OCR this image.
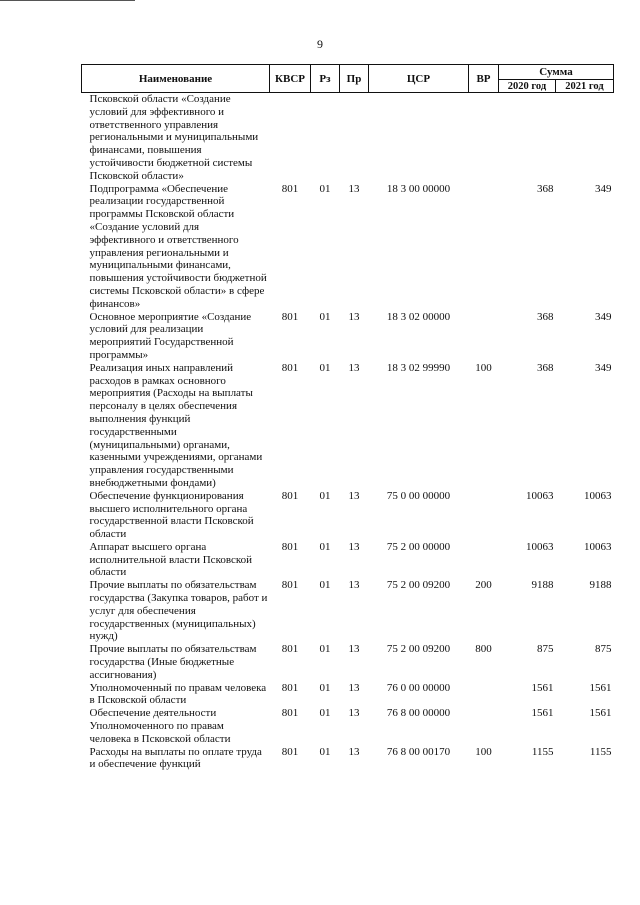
9
Наименование	КВСР	Рз	Пр	ЦСР	ВР	Сумма	
						2020 год	2021 год
Псковской области «Создание условий для эффективного и ответственного управления региональными и муниципальными финансами, повышения устойчивости бюджетной системы Псковской области»							
Подпрограмма «Обеспечение реализации государственной программы Псковской области «Создание условий для эффективного и ответственного управления региональными и муниципальными финансами, повышения устойчивости бюджетной системы Псковской области» в сфере финансов»	801	01	13	18 3 00 00000		368	349
Основное мероприятие «Создание условий для реализации мероприятий Государственной программы»	801	01	13	18 3 02 00000		368	349
Реализация иных направлений расходов в рамках основного мероприятия (Расходы на выплаты персоналу в целях обеспечения выполнения функций государственными (муниципальными) органами, казенными учреждениями, органами управления государственными внебюджетными фондами)	801	01	13	18 3 02 99990	100	368	349
Обеспечение функционирования высшего исполнительного органа государственной власти Псковской области	801	01	13	75 0 00 00000		10063	10063
Аппарат высшего органа исполнительной власти Псковской области	801	01	13	75 2 00 00000		10063	10063
Прочие выплаты по обязательствам государства (Закупка товаров, работ и услуг для обеспечения государственных (муниципальных) нужд)	801	01	13	75 2 00 09200	200	9188	9188
Прочие выплаты по обязательствам государства (Иные бюджетные ассигнования)	801	01	13	75 2 00 09200	800	875	875
Уполномоченный по правам человека в Псковской области	801	01	13	76 0 00 00000		1561	1561
Обеспечение деятельности Уполномоченного по правам человека в Псковской области	801	01	13	76 8 00 00000		1561	1561
Расходы на выплаты по оплате труда и обеспечение функций	801	01	13	76 8 00 00170	100	1155	1155
